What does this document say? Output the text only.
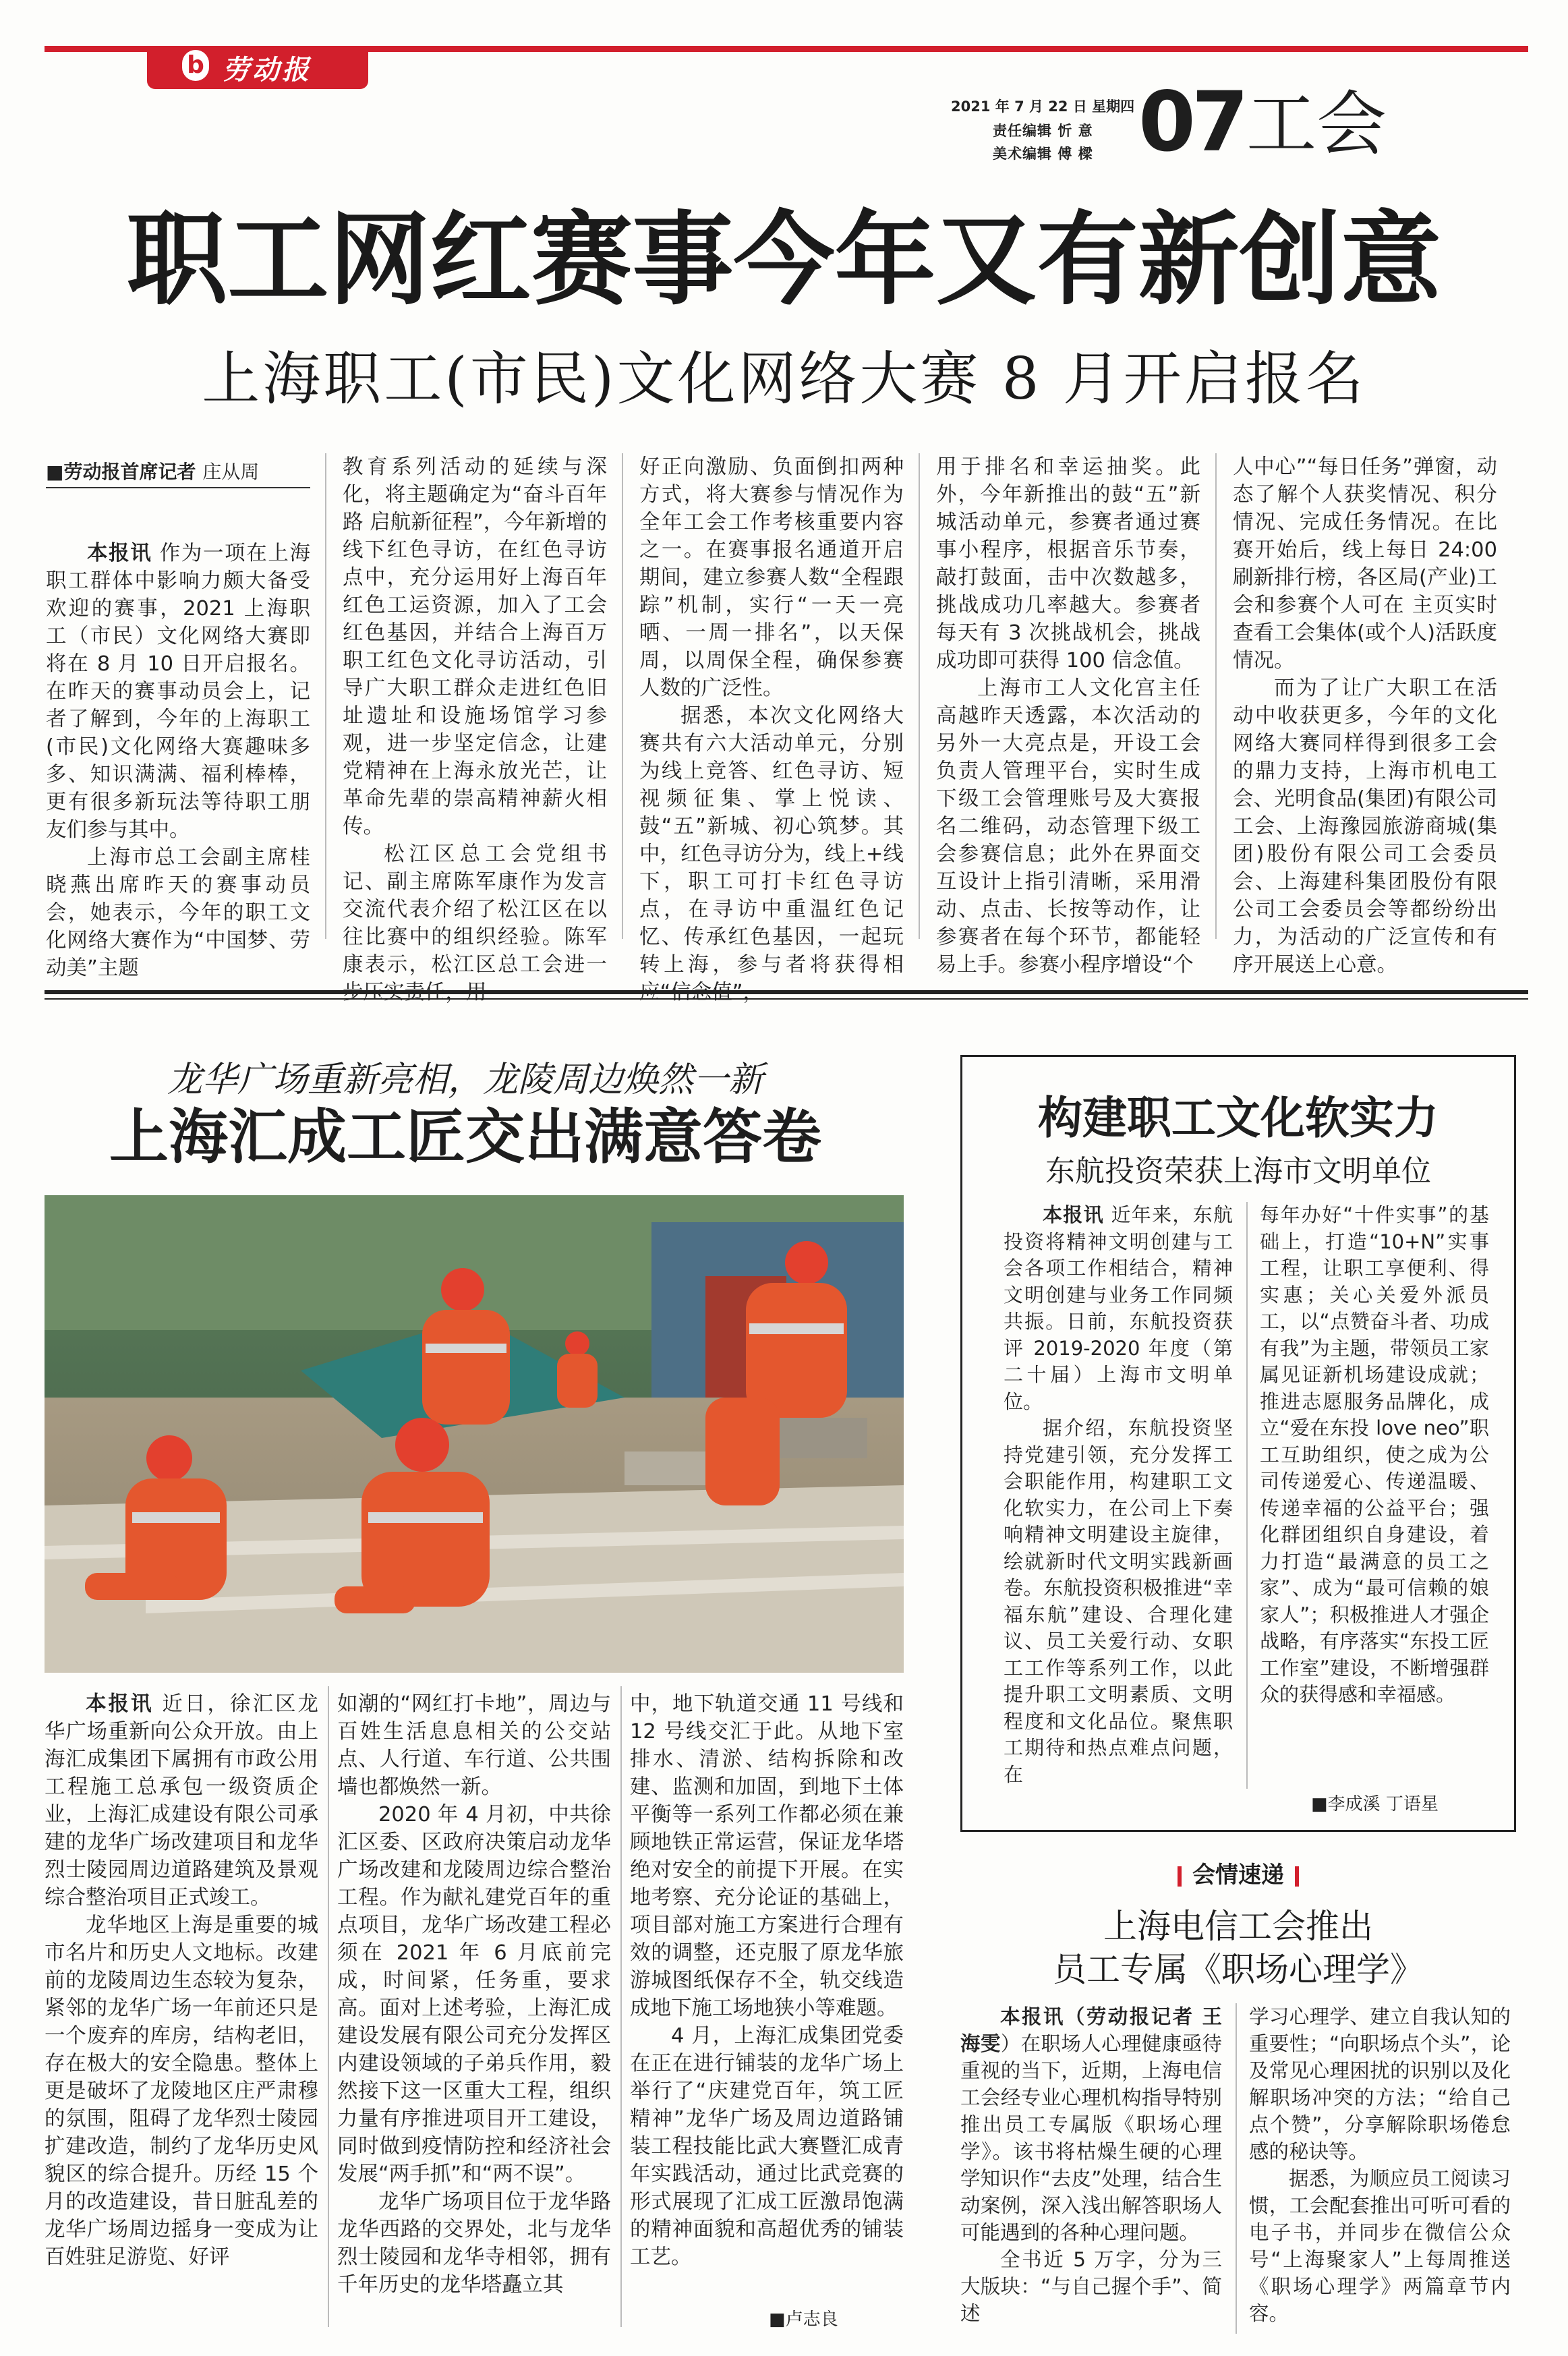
b 劳动报
2021 年 7 月 22 日 星期四
责任编辑 忻 意
美术编辑 傅 樑 07 工会
职工网红赛事今年又有新创意
上海职工(市民)文化网络大赛 8 月开启报名
■劳动报首席记者 庄从周

本报讯 作为一项在上海职工群体中影响力颇大备受欢迎的赛事，2021 上海职工（市民）文化网络大赛即将在 8 月 10 日开启报名。在昨天的赛事动员会上，记者了解到，今年的上海职工(市民)文化网络大赛趣味多多、知识满满、福利棒棒，更有很多新玩法等待职工朋友们参与其中。

上海市总工会副主席桂晓燕出席昨天的赛事动员会，她表示，今年的职工文化网络大赛作为“中国梦、劳动美”主题

教育系列活动的延续与深化，将主题确定为“奋斗百年路 启航新征程”，今年新增的线下红色寻访，在红色寻访点中，充分运用好上海百年红色工运资源，加入了工会红色基因，并结合上海百万职工红色文化寻访活动，引导广大职工群众走进红色旧址遗址和设施场馆学习参观，进一步坚定信念，让建党精神在上海永放光芒，让革命先辈的崇高精神薪火相传。

松江区总工会党组书记、副主席陈军康作为发言交流代表介绍了松江区在以往比赛中的组织经验。陈军康表示，松江区总工会进一

好正向激励、负面倒扣两种方式，将大赛参与情况作为全年工会工作考核重要内容之一。在赛事报名通道开启期间，建立参赛人数“全程跟踪”机制，实行“一天一亮晒、一周一排名”，以天保周，以周保全程，确保参赛人数的广泛性。

据悉，本次文化网络大赛共有六大活动单元，分别为线上竞答、红色寻访、短视频征集、掌上悦读、鼓“五”新城、初心筑梦。其中，红色寻访分为，线上+线下，职工可打卡红色寻访点，在寻访中重温红色记忆、传承红色基因，一起玩转上海，参与者将获得相

用于排名和幸运抽奖。此外，今年新推出的鼓“五”新城活动单元，参赛者通过赛事小程序，根据音乐节奏，敲打鼓面，击中次数越多，挑战成功几率越大。参赛者每天有 3 次挑战机会，挑战成功即可获得 100 信念值。

上海市工人文化宫主任高越昨天透露，本次活动的另外一大亮点是，开设工会负责人管理平台，实时生成下级工会管理账号及大赛报名二维码，动态管理下级工会参赛信息；此外在界面交互设计上指引清晰，采用滑动、点击、长按等动作，让参赛者在每个环节，都能轻易上手。参赛小程序增设“个

人中心”“每日任务”弹窗，动态了解个人获奖情况、积分情况、完成任务情况。在比赛开始后，线上每日 24:00 刷新排行榜，各区局(产业)工会和参赛个人可在 主页实时查看工会集体(或个人)活跃度情况。

而为了让广大职工在活动中收获更多，今年的文化网络大赛同样得到很多工会的鼎力支持，上海市机电工会、光明食品(集团)有限公司工会、上海豫园旅游商城(集团)股份有限公司工会委员会、上海建科集团股份有限公司工会委员会等都纷纷出力，为活动的广泛宣传和有序开展送上心意。

龙华广场重新亮相，龙陵周边焕然一新
上海汇成工匠交出满意答卷

本报讯 近日，徐汇区龙华广场重新向公众开放。由上海汇成集团下属拥有市政公用工程施工总承包一级资质企业，上海汇成建设有限公司承建的龙华广场改建项目和龙华烈士陵园周边道路建筑及景观综合整治项目正式竣工。

龙华地区上海是重要的城市名片和历史人文地标。改建前的龙陵周边生态较为复杂，紧邻的龙华广场一年前还只是一个废弃的库房，结构老旧，存在极大的安全隐患。整体上更是破坏了龙陵地区庄严肃穆的氛围，阻碍了龙华烈士陵园扩建改造，制约了龙华历史风貌区的综合提升。历经 15 个月的改造建设，昔日脏乱差的龙华广场周边摇身一变成为让百姓驻足游览、好评

如潮的“网红打卡地”，周边与百姓生活息息相关的公交站点、人行道、车行道、公共围墙也都焕然一新。

2020 年 4 月初，中共徐汇区委、区政府决策启动龙华广场改建和龙陵周边综合整治工程。作为献礼建党百年的重点项目，龙华广场改建工程必须在 2021 年 6 月底前完成，时间紧，任务重，要求高。面对上述考验，上海汇成建设发展有限公司充分发挥区内建设领域的子弟兵作用，毅然接下这一区重大工程，组织力量有序推进项目开工建设，同时做到疫情防控和经济社会发展“两手抓”和“两不误”。

龙华广场项目位于龙华路龙华西路的交界处，北与龙华烈士陵园和龙华寺相邻，拥有千年历史的龙华塔矗立其

中，地下轨道交通 11 号线和 12 号线交汇于此。从地下室排水、清淤、结构拆除和改建、监测和加固，到地下土体平衡等一系列工作都必须在兼顾地铁正常运营，保证龙华塔绝对安全的前提下开展。在实地考察、充分论证的基础上，项目部对施工方案进行合理有效的调整，还克服了原龙华旅游城图纸保存不全，轨交线造成地下施工场地狭小等难题。

4 月，上海汇成集团党委在正在进行铺装的龙华广场上举行了“庆建党百年，筑工匠精神”龙华广场及周边道路铺装工程技能比武大赛暨汇成青年实践活动，通过比武竞赛的形式展现了汇成工匠激昂饱满的精神面貌和高超优秀的铺装工艺。

■卢志良
构建职工文化软实力
东航投资荣获上海市文明单位

本报讯 近年来，东航投资将精神文明创建与工会各项工作相结合，精神文明创建与业务工作同频共振。日前，东航投资获评 2019-2020 年度（第二十届）上海市文明单位。

据介绍，东航投资坚持党建引领，充分发挥工会职能作用，构建职工文化软实力，在公司上下奏响精神文明建设主旋律，绘就新时代文明实践新画卷。东航投资积极推进“幸福东航”建设、合理化建议、员工关爱行动、女职工工作等系列工作，以此提升职工文明素质、文明程度和文化品位。聚焦职工期待和热点难点问题，在

每年办好“十件实事”的基础上，打造“10+N”实事工程，让职工享便利、得实惠；关心关爱外派员工，以“点赞奋斗者、功成有我”为主题，带领员工家属见证新机场建设成就；推进志愿服务品牌化，成立“爱在东投 love neo”职工互助组织，使之成为公司传递爱心、传递温暖、传递幸福的公益平台；强化群团组织自身建设，着力打造“最满意的员工之家”、成为“最可信赖的娘家人”；积极推进人才强企战略，有序落实“东投工匠工作室”建设，不断增强群众的获得感和幸福感。

■李成溪 丁语星
会情速递
上海电信工会推出
员工专属《职场心理学》

本报讯（劳动报记者 王海雯）在职场人心理健康亟待重视的当下，近期，上海电信工会经专业心理机构指导特别推出员工专属版《职场心理学》。该书将枯燥生硬的心理学知识作“去皮”处理，结合生动案例，深入浅出解答职场人可能遇到的各种心理问题。

全书近 5 万字，分为三大版块：“与自己握个手”、简述

学习心理学、建立自我认知的重要性；“向职场点个头”，论及常见心理困扰的识别以及化解职场冲突的方法；“给自己点个赞”，分享解除职场倦怠感的秘诀等。

据悉，为顺应员工阅读习惯，工会配套推出可听可看的电子书，并同步在微信公众号“上海聚家人”上每周推送《职场心理学》两篇章节内容。
